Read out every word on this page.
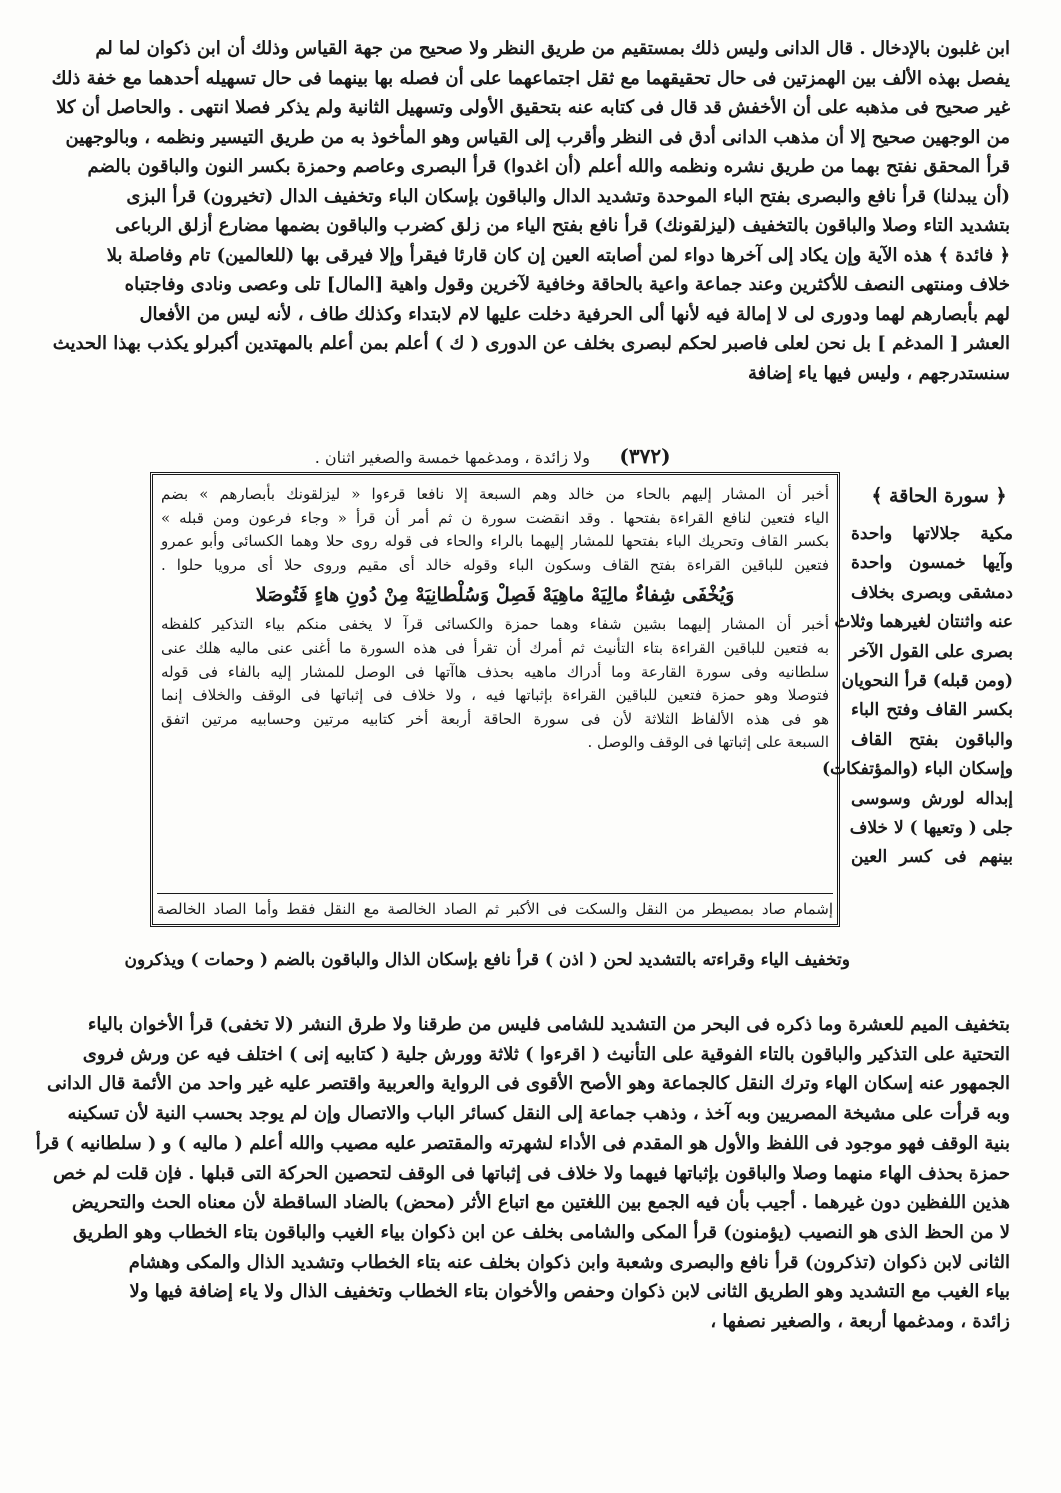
ابن غلبون بالإدخال . قال الدانى وليس ذلك بمستقيم من طريق النظر ولا صحيح من جهة القياس وذلك أن ابن ذكوان لما لم
يفصل بهذه الألف بين الهمزتين فى حال تحقيقهما مع ثقل اجتماعهما على أن فصله بها بينهما فى حال تسهيله أحدهما مع خفة ذلك
غير صحيح فى مذهبه على أن الأخفش قد قال فى كتابه عنه بتحقيق الأولى وتسهيل الثانية ولم يذكر فصلا انتهى . والحاصل أن كلا
من الوجهين صحيح إلا أن مذهب الدانى أدق فى النظر وأقرب إلى القياس وهو المأخوذ به من طريق التيسير ونظمه ، وبالوجهين
قرأ المحقق نفتح بهما من طريق نشره ونظمه والله أعلم (أن اغدوا) قرأ البصرى وعاصم وحمزة بكسر النون والباقون بالضم
(أن يبدلنا) قرأ نافع والبصرى بفتح الباء الموحدة وتشديد الدال والباقون بإسكان الباء وتخفيف الدال (تخيرون) قرأ البزى
بتشديد التاء وصلا والباقون بالتخفيف (ليزلقونك) قرأ نافع بفتح الياء من زلق كضرب والباقون بضمها مضارع أزلق الرباعى
﴿ فائدة ﴾ هذه الآية وإن يكاد إلى آخرها دواء لمن أصابته العين إن كان قارئا فيقرأ وإلا فيرقى بها (للعالمين) تام وفاصلة بلا
خلاف ومنتهى النصف للأكثرين وعند جماعة واعية بالحاقة وخافية لآخرين وقول واهية [المال] تلى وعصى ونادى وفاجتباه
لهم بأبصارهم لهما ودورى لى لا إمالة فيه لأنها ألى الحرفية دخلت عليها لام لابتداء وكذلك طاف ، لأنه ليس من الأفعال
العشر [ المدغم ] بل نحن لعلى فاصبر لحكم لبصرى بخلف عن الدورى ( ك ) أعلم بمن أعلم بالمهتدين أكبرلو يكذب بهذا الحديث
سنستدرجهم ، وليس فيها ياء إضافة
(٣٧٢)
ولا زائدة ، ومدغمها خمسة والصغير اثنان .
﴿ سورة الحاقة ﴾
مكية جلالاتها واحدة
وآيها خمسون واحدة
دمشقى وبصرى بخلاف
عنه واثنتان لغيرهما وثلاث
بصرى على القول الآخر
(ومن قبله) قرأ النحويان
بكسر القاف وفتح الباء
والباقون بفتح القاف
وإسكان الباء (والمؤتفكات)
إبداله لورش وسوسى
جلى ( وتعيها ) لا خلاف
بينهم فى كسر العين
أخبر أن المشار إليهم بالحاء من خالد وهم السبعة إلا نافعا قرءوا « ليزلقونك بأبصارهم » بضم
الياء فتعين لنافع القراءة بفتحها . وقد انقضت سورة ن ثم أمر أن قرأ « وجاء فرعون ومن قبله »
بكسر القاف وتحريك الباء بفتحها للمشار إليهما بالراء والحاء فى قوله روى حلا وهما الكسائى وأبو عمرو
فتعين للباقين القراءة بفتح القاف وسكون الباء وقوله خالد أى مقيم وروى حلا أى مرويا حلوا .
وَيُخْفَى شِفاءٌ مالِيَهْ ماهِيَهْ فَصِلْ وَسُلْطانِيَهْ مِنْ دُونِ هاءٍ فَتُوصَلا
أخبر أن المشار إليهما بشين شفاء وهما حمزة والكسائى قرآ لا يخفى منكم بياء التذكير كلفظه
به فتعين للباقين القراءة بتاء التأنيث ثم أمرك أن تقرأ فى هذه السورة ما أغنى عنى ماليه هلك عنى
سلطانيه وفى سورة القارعة وما أدراك ماهيه بحذف هاآتها فى الوصل للمشار إليه بالفاء فى قوله
فتوصلا وهو حمزة فتعين للباقين القراءة بإثباتها فيه ، ولا خلاف فى إثباتها فى الوقف والخلاف إنما
هو فى هذه الألفاظ الثلاثة لأن فى سورة الحاقة أربعة أخر كتابيه مرتين وحسابيه مرتين اتفق
السبعة على إثباتها فى الوقف والوصل .
إشمام صاد بمصيطر من النقل والسكت فى الأكبر ثم الصاد الخالصة مع النقل فقط وأما الصاد الخالصة
وتخفيف الياء وقراءته بالتشديد لحن ( اذن ) قرأ نافع بإسكان الذال والباقون بالضم ( وحمات ) ويذكرون
بتخفيف الميم للعشرة وما ذكره فى البحر من التشديد للشامى فليس من طرقنا ولا طرق النشر (لا تخفى) قرأ الأخوان بالياء
التحتية على التذكير والباقون بالتاء الفوقية على التأنيث ( اقرءوا ) ثلاثة وورش جلية ( كتابيه إنى ) اختلف فيه عن ورش فروى
الجمهور عنه إسكان الهاء وترك النقل كالجماعة وهو الأصح الأقوى فى الرواية والعربية واقتصر عليه غير واحد من الأئمة قال الدانى
وبه قرأت على مشيخة المصريين وبه آخذ ، وذهب جماعة إلى النقل كسائر الباب والاتصال وإن لم يوجد بحسب النية لأن تسكينه
بنية الوقف فهو موجود فى اللفظ والأول هو المقدم فى الأداء لشهرته والمقتصر عليه مصيب والله أعلم ( ماليه ) و ( سلطانيه ) قرأ
حمزة بحذف الهاء منهما وصلا والباقون بإثباتها فيهما ولا خلاف فى إثباتها فى الوقف لتحصين الحركة التى قبلها . فإن قلت لم خص
هذين اللفظين دون غيرهما . أجيب بأن فيه الجمع بين اللغتين مع اتباع الأثر (محض) بالضاد الساقطة لأن معناه الحث والتحريض
لا من الحظ الذى هو النصيب (يؤمنون) قرأ المكى والشامى بخلف عن ابن ذكوان بياء الغيب والباقون بتاء الخطاب وهو الطريق
الثانى لابن ذكوان (تذكرون) قرأ نافع والبصرى وشعبة وابن ذكوان بخلف عنه بتاء الخطاب وتشديد الذال والمكى وهشام
بياء الغيب مع التشديد وهو الطريق الثانى لابن ذكوان وحفص والأخوان بتاء الخطاب وتخفيف الذال ولا ياء إضافة فيها ولا
زائدة ، ومدغمها أربعة ، والصغير نصفها ،
